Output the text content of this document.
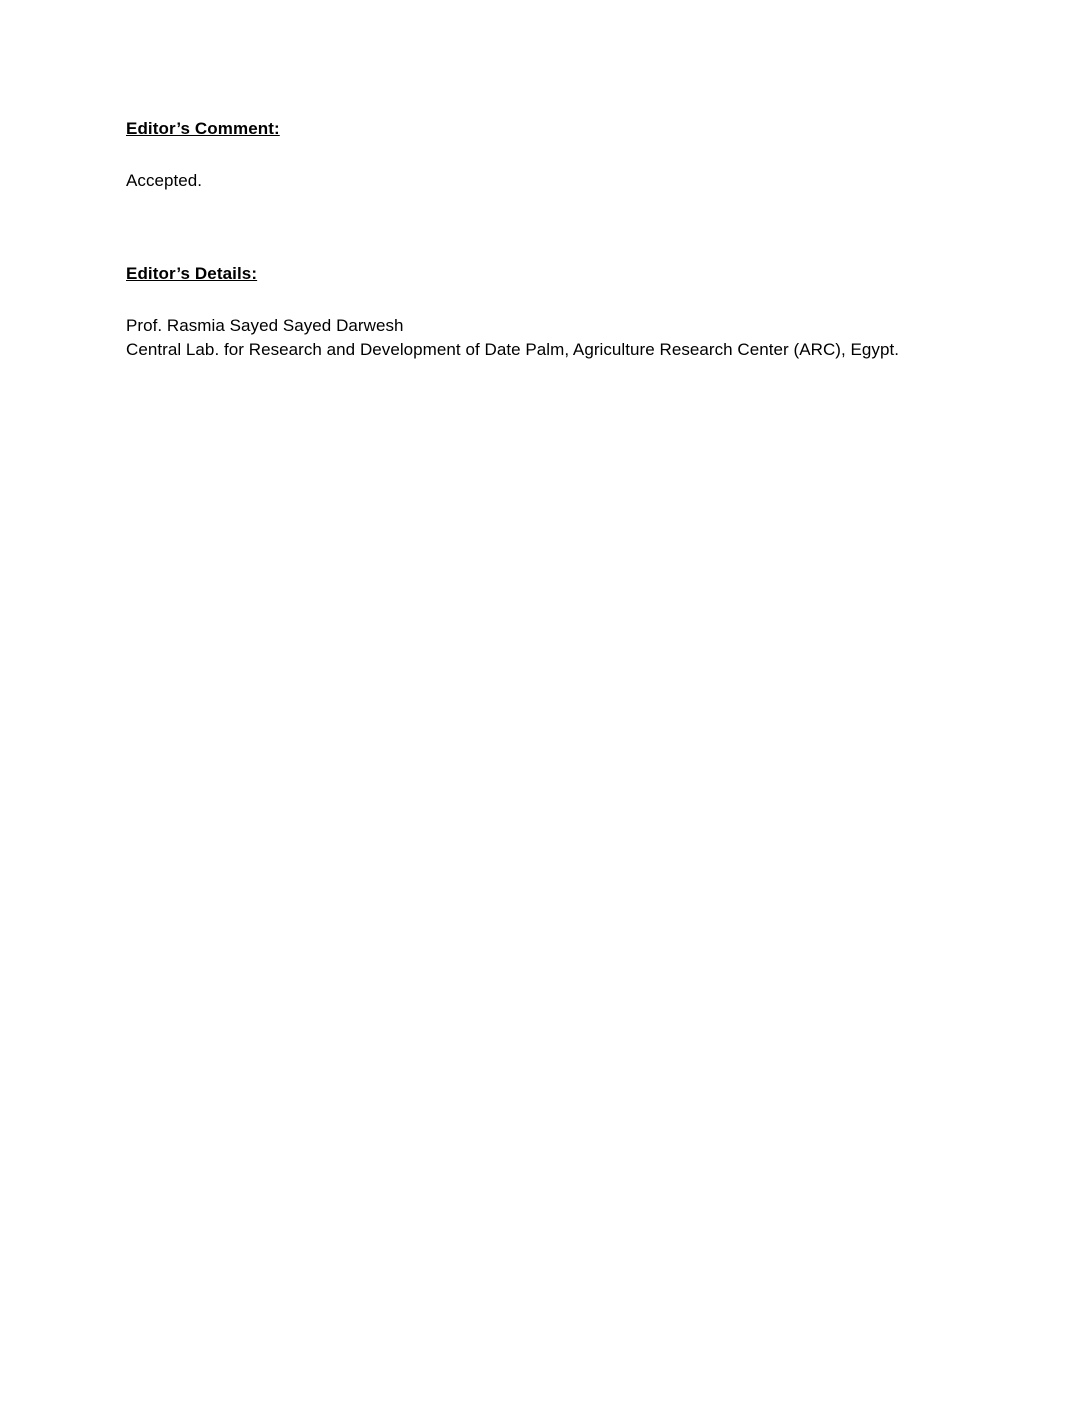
Editor’s Comment:
Accepted.
Editor’s Details:
Prof. Rasmia Sayed Sayed Darwesh
Central Lab. for Research and Development of Date Palm, Agriculture Research Center (ARC), Egypt.
